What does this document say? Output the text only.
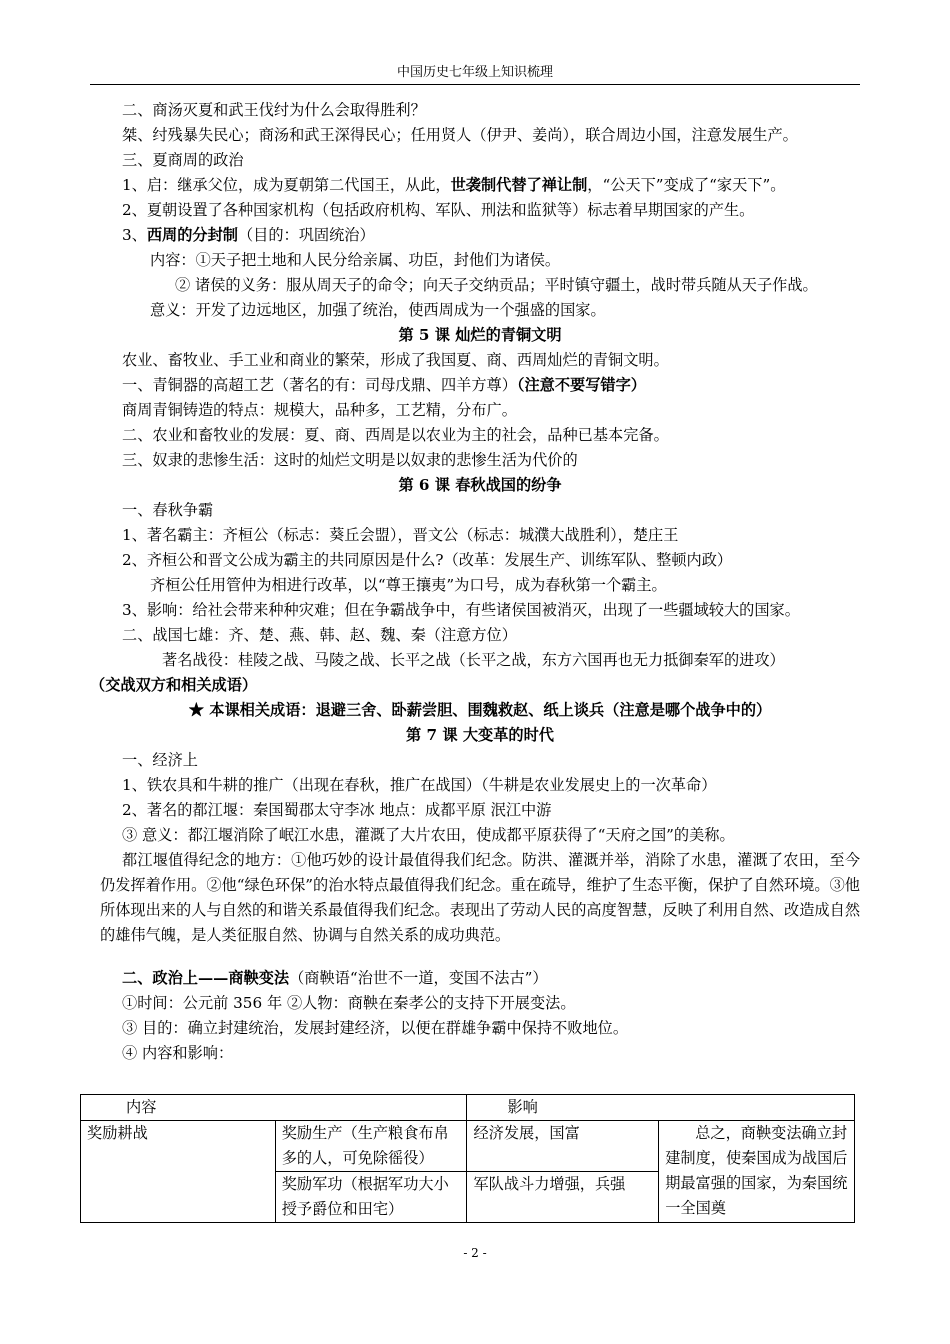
中国历史七年级上知识梳理
二、商汤灭夏和武王伐纣为什么会取得胜利？
桀、纣残暴失民心；商汤和武王深得民心；任用贤人（伊尹、姜尚），联合周边小国，注意发展生产。
三、夏商周的政治
1、启：继承父位，成为夏朝第二代国王，从此，世袭制代替了禅让制，“公天下”变成了“家天下”。
2、夏朝设置了各种国家机构（包括政府机构、军队、刑法和监狱等）标志着早期国家的产生。
3、西周的分封制（目的：巩固统治）
内容：①天子把土地和人民分给亲属、功臣，封他们为诸侯。
② 诸侯的义务：服从周天子的命令；向天子交纳贡品；平时镇守疆土，战时带兵随从天子作战。
意义：开发了边远地区，加强了统治，使西周成为一个强盛的国家。
第 5 课 灿烂的青铜文明
农业、畜牧业、手工业和商业的繁荣，形成了我国夏、商、西周灿烂的青铜文明。
一、青铜器的高超工艺（著名的有：司母戊鼎、四羊方尊）（注意不要写错字）
商周青铜铸造的特点：规模大，品种多，工艺精，分布广。
二、农业和畜牧业的发展：夏、商、西周是以农业为主的社会，品种已基本完备。
三、奴隶的悲惨生活：这时的灿烂文明是以奴隶的悲惨生活为代价的
第 6 课 春秋战国的纷争
一、春秋争霸
1、著名霸主：齐桓公（标志：葵丘会盟），晋文公（标志：城濮大战胜利），楚庄王
2、齐桓公和晋文公成为霸主的共同原因是什么?（改革：发展生产、训练军队、整顿内政）
齐桓公任用管仲为相进行改革，以“尊王攘夷”为口号，成为春秋第一个霸主。
3、影响：给社会带来种种灾难；但在争霸战争中，有些诸侯国被消灭，出现了一些疆域较大的国家。
二、战国七雄：齐、楚、燕、韩、赵、魏、秦（注意方位）
著名战役：桂陵之战、马陵之战、长平之战（长平之战，东方六国再也无力抵御秦军的进攻）
（交战双方和相关成语）
★ 本课相关成语：退避三舍、卧薪尝胆、围魏救赵、纸上谈兵（注意是哪个战争中的）
第 7 课 大变革的时代
一、经济上
1、铁农具和牛耕的推广（出现在春秋，推广在战国）（牛耕是农业发展史上的一次革命）
2、著名的都江堰：秦国蜀郡太守李冰 地点：成都平原 泯江中游
③ 意义：都江堰消除了岷江水患，灌溉了大片农田，使成都平原获得了“天府之国”的美称。
都江堰值得纪念的地方：①他巧妙的设计最值得我们纪念。防洪、灌溉并举，消除了水患，灌溉了农田，至今仍发挥着作用。②他“绿色环保”的治水特点最值得我们纪念。重在疏导，维护了生态平衡，保护了自然环境。③他所体现出来的人与自然的和谐关系最值得我们纪念。表现出了劳动人民的高度智慧，反映了利用自然、改造成自然的雄伟气魄，是人类征服自然、协调与自然关系的成功典范。
二、政治上——商鞅变法（商鞅语“治世不一道，变国不法古”）
①时间：公元前 356 年 ②人物：商鞅在秦孝公的支持下开展变法。
③ 目的：确立封建统治，发展封建经济，以便在群雄争霸中保持不败地位。
④ 内容和影响：
内容		影响	
奖励耕战	奖励生产（生产粮食布帛多的人，可免除徭役）	经济发展，国富	总之，商鞅变法确立封建制度，使秦国成为战国后期最富强的国家，为秦国统一全国奠
	奖励军功（根据军功大小授予爵位和田宅）	军队战斗力增强，兵强	
- 2 -
